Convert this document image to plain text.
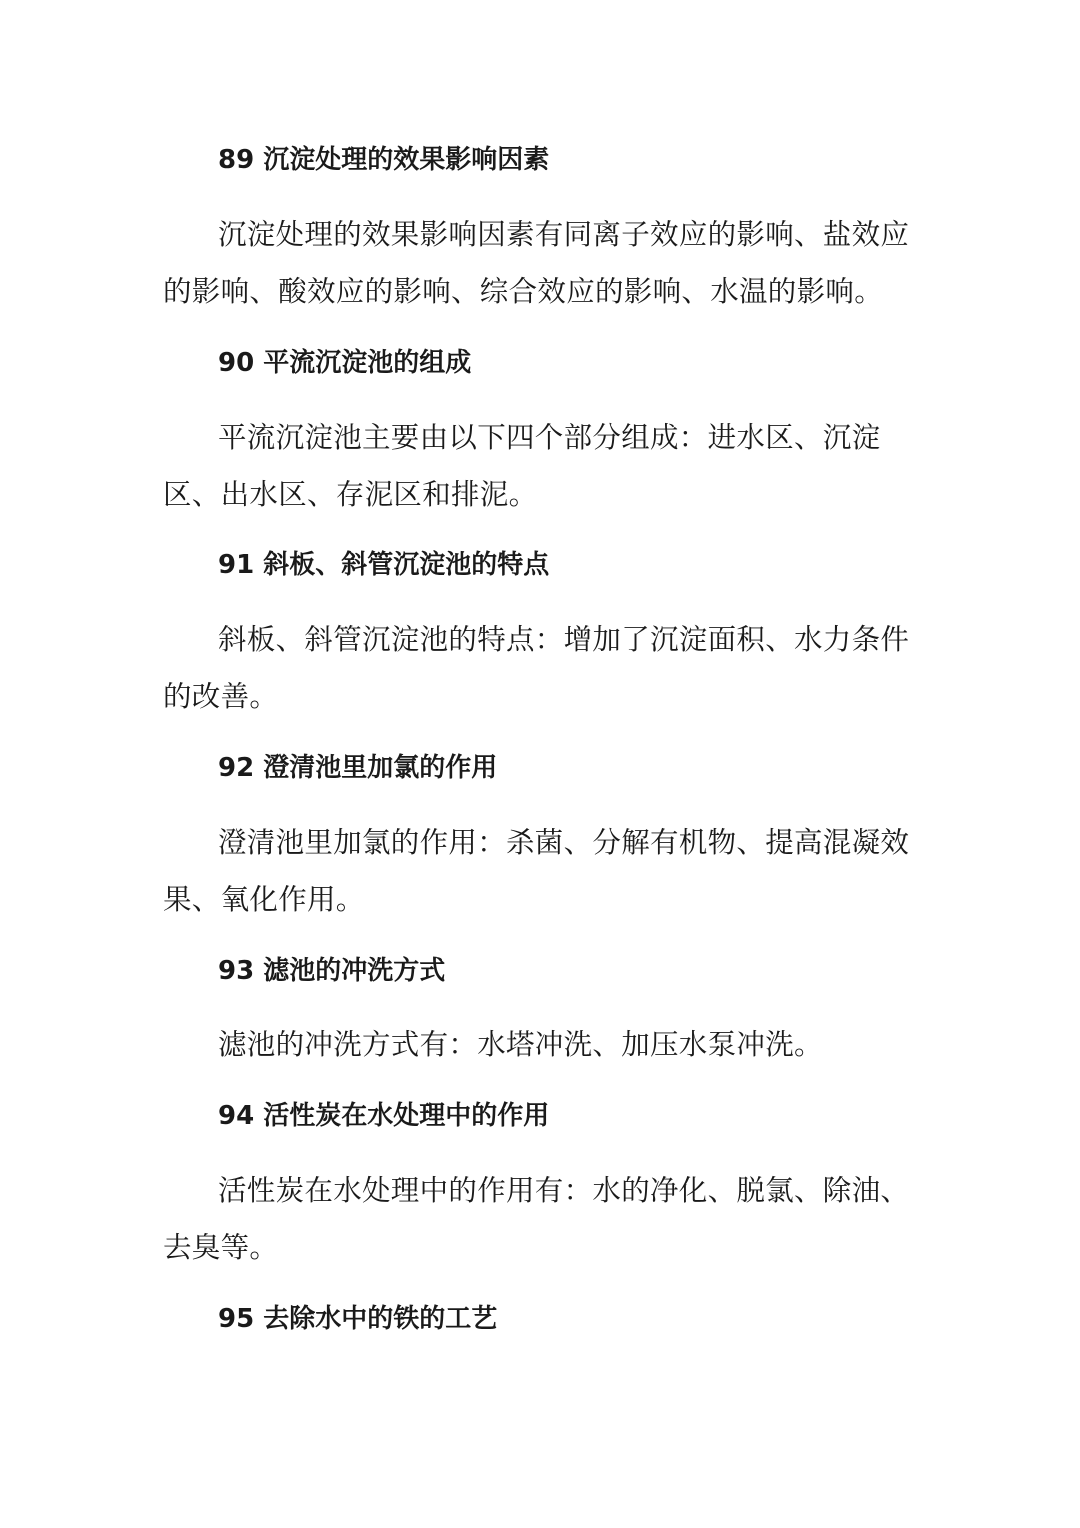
89 沉淀处理的效果影响因素
沉淀处理的效果影响因素有同离子效应的影响、盐效应的影响、酸效应的影响、综合效应的影响、水温的影响。
90 平流沉淀池的组成
平流沉淀池主要由以下四个部分组成：进水区、沉淀区、出水区、存泥区和排泥。
91 斜板、斜管沉淀池的特点
斜板、斜管沉淀池的特点：增加了沉淀面积、水力条件的改善。
92 澄清池里加氯的作用
澄清池里加氯的作用：杀菌、分解有机物、提高混凝效果、氧化作用。
93 滤池的冲洗方式
滤池的冲洗方式有：水塔冲洗、加压水泵冲洗。
94 活性炭在水处理中的作用
活性炭在水处理中的作用有：水的净化、脱氯、除油、去臭等。
95 去除水中的铁的工艺
